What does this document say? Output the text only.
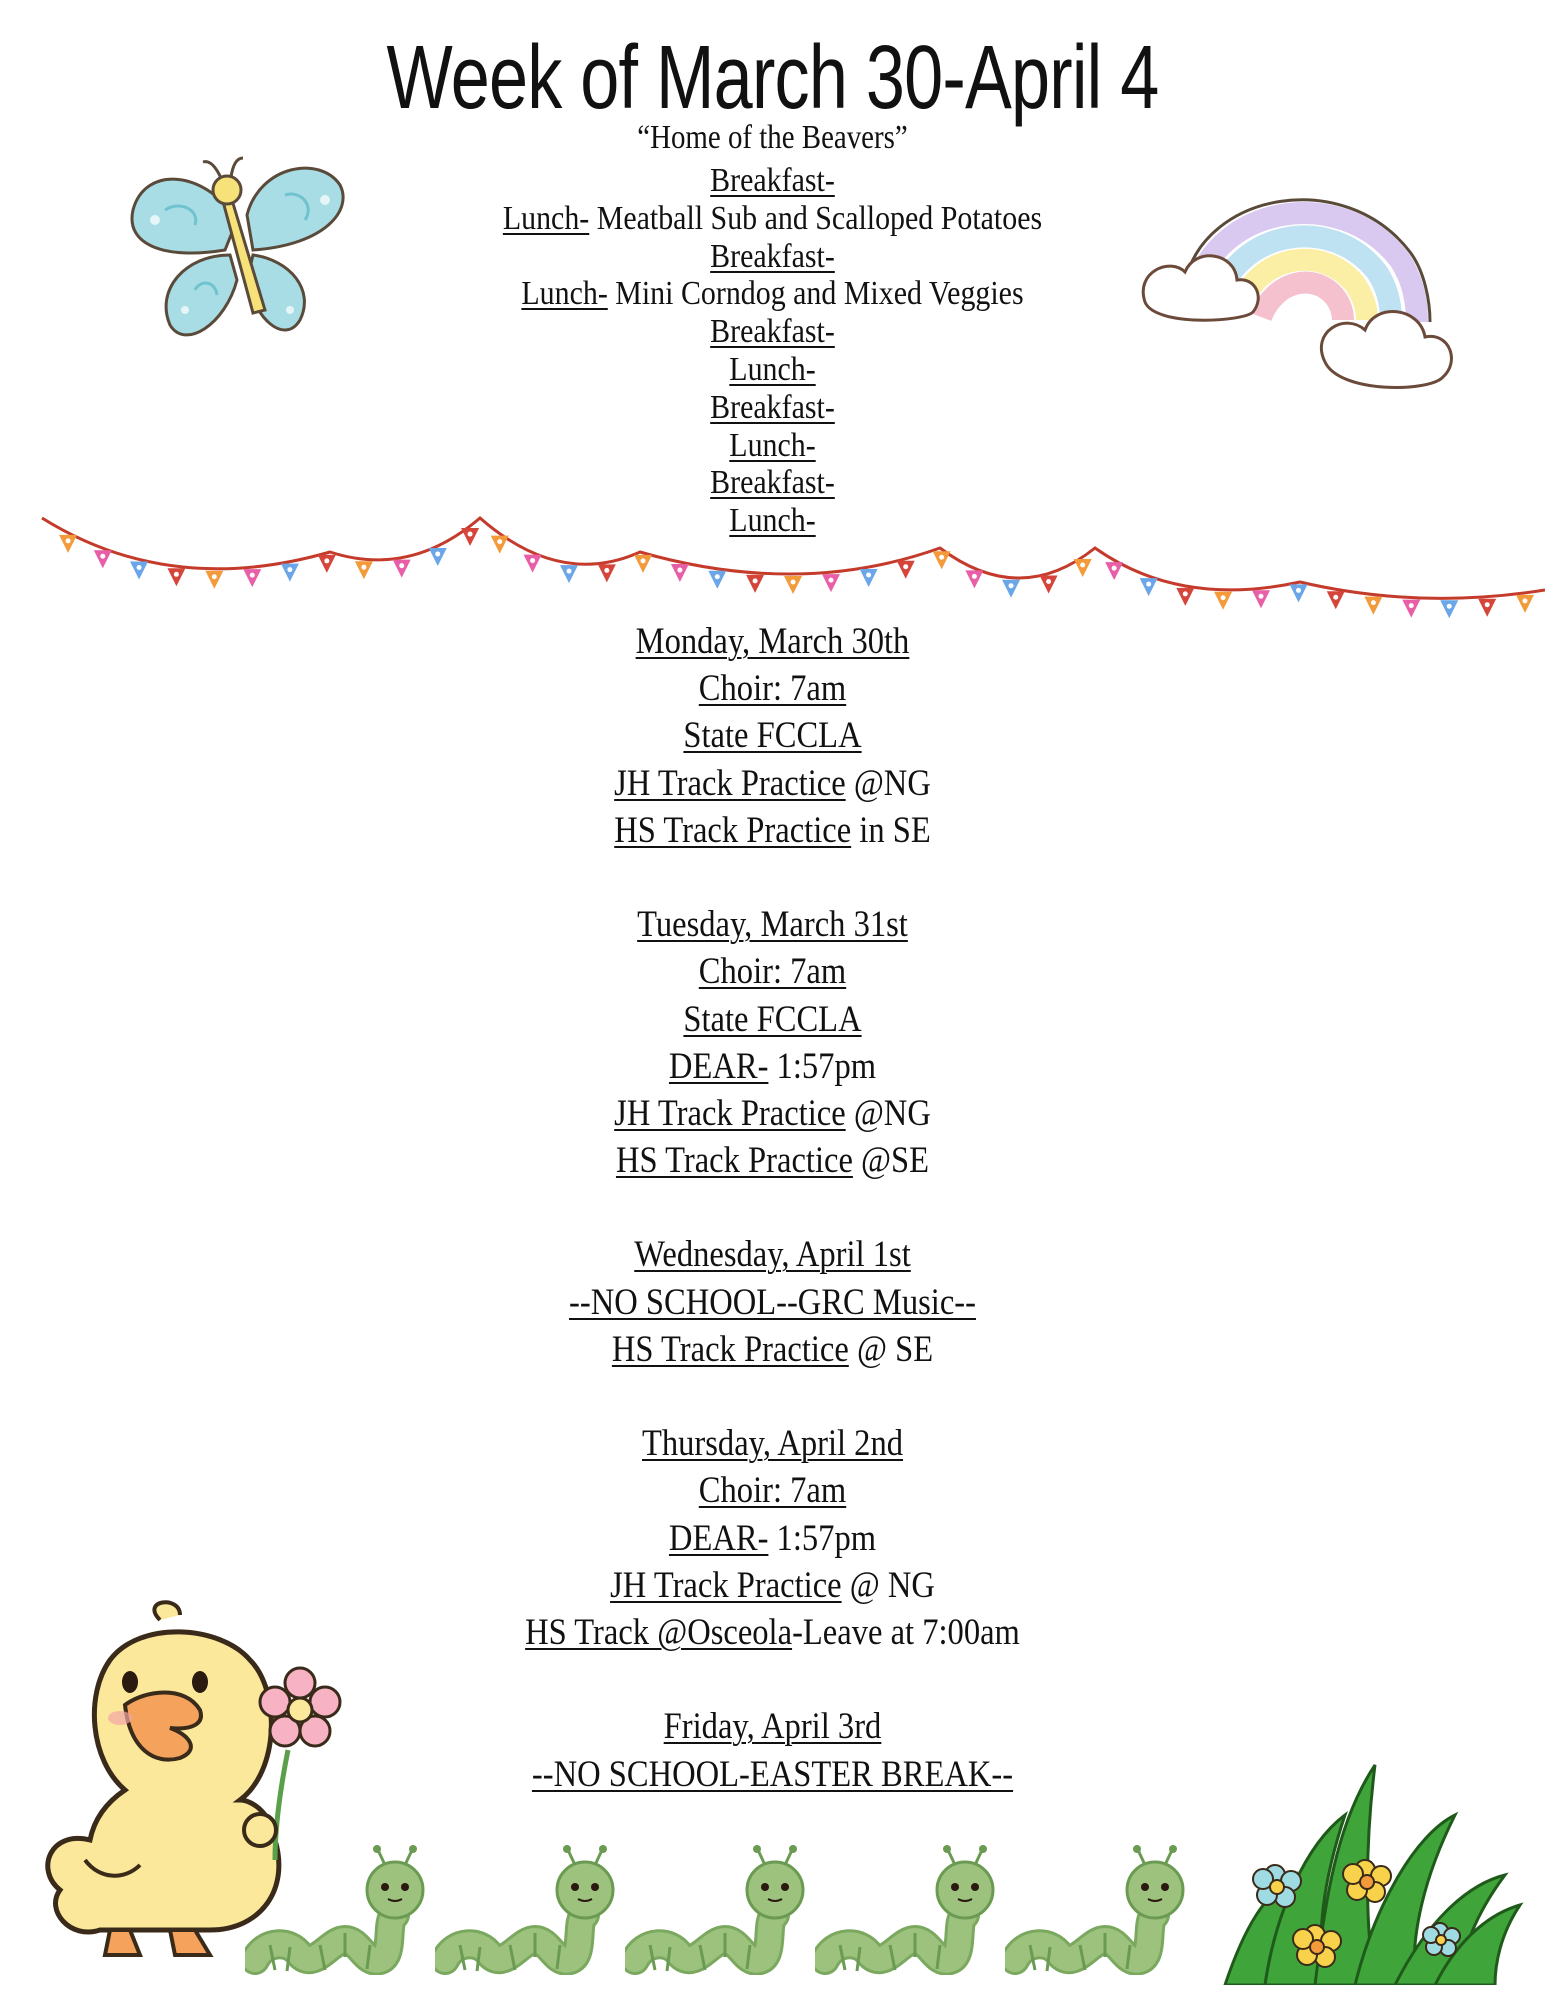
Week of March 30-April 4
“Home of the Beavers”
Breakfast-
Lunch- Meatball Sub and Scalloped Potatoes
Breakfast-
Lunch- Mini Corndog and Mixed Veggies
Breakfast-
Lunch-
Breakfast-
Lunch-
Breakfast-
Lunch-
Monday, March 30th
Choir: 7am
State FCCLA
JH Track Practice @NG
HS Track Practice in SE
Tuesday, March 31st
Choir: 7am
State FCCLA
DEAR- 1:57pm
JH Track Practice @NG
HS Track Practice @SE
Wednesday, April 1st
--NO SCHOOL--GRC Music--
HS Track Practice @ SE
Thursday, April 2nd
Choir: 7am
DEAR- 1:57pm
JH Track Practice @ NG
HS Track @Osceola-Leave at 7:00am
Friday, April 3rd
--NO SCHOOL-EASTER BREAK--
